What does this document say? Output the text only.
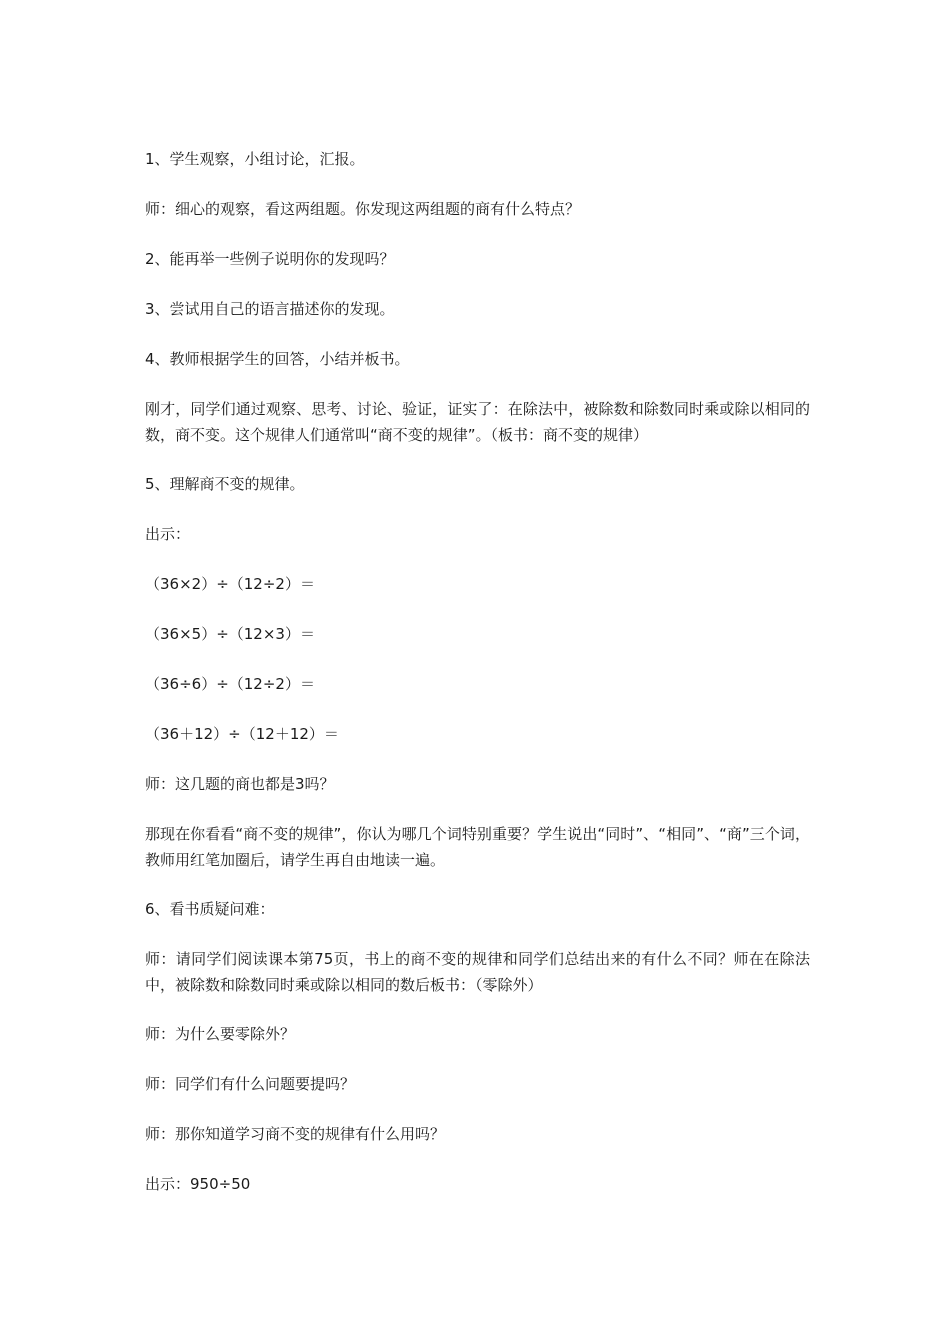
1、学生观察，小组讨论，汇报。

师：细心的观察，看这两组题。你发现这两组题的商有什么特点？

2、能再举一些例子说明你的发现吗？

3、尝试用自己的语言描述你的发现。

4、教师根据学生的回答，小结并板书。

刚才，同学们通过观察、思考、讨论、验证，证实了：在除法中，被除数和除数同时乘或除以相同的数，商不变。这个规律人们通常叫“商不变的规律”。（板书：商不变的规律）

5、理解商不变的规律。

出示：

（36×2）÷（12÷2）＝

（36×5）÷（12×3）＝

（36÷6）÷（12÷2）＝

（36＋12）÷（12＋12）＝

师：这几题的商也都是3吗？

那现在你看看“商不变的规律”，你认为哪几个词特别重要？学生说出“同时”、“相同”、“商”三个词，教师用红笔加圈后，请学生再自由地读一遍。

6、看书质疑问难：

师：请同学们阅读课本第75页，书上的商不变的规律和同学们总结出来的有什么不同？师在在除法中，被除数和除数同时乘或除以相同的数后板书：（零除外）

师：为什么要零除外？

师：同学们有什么问题要提吗？

师：那你知道学习商不变的规律有什么用吗？

出示：950÷50
